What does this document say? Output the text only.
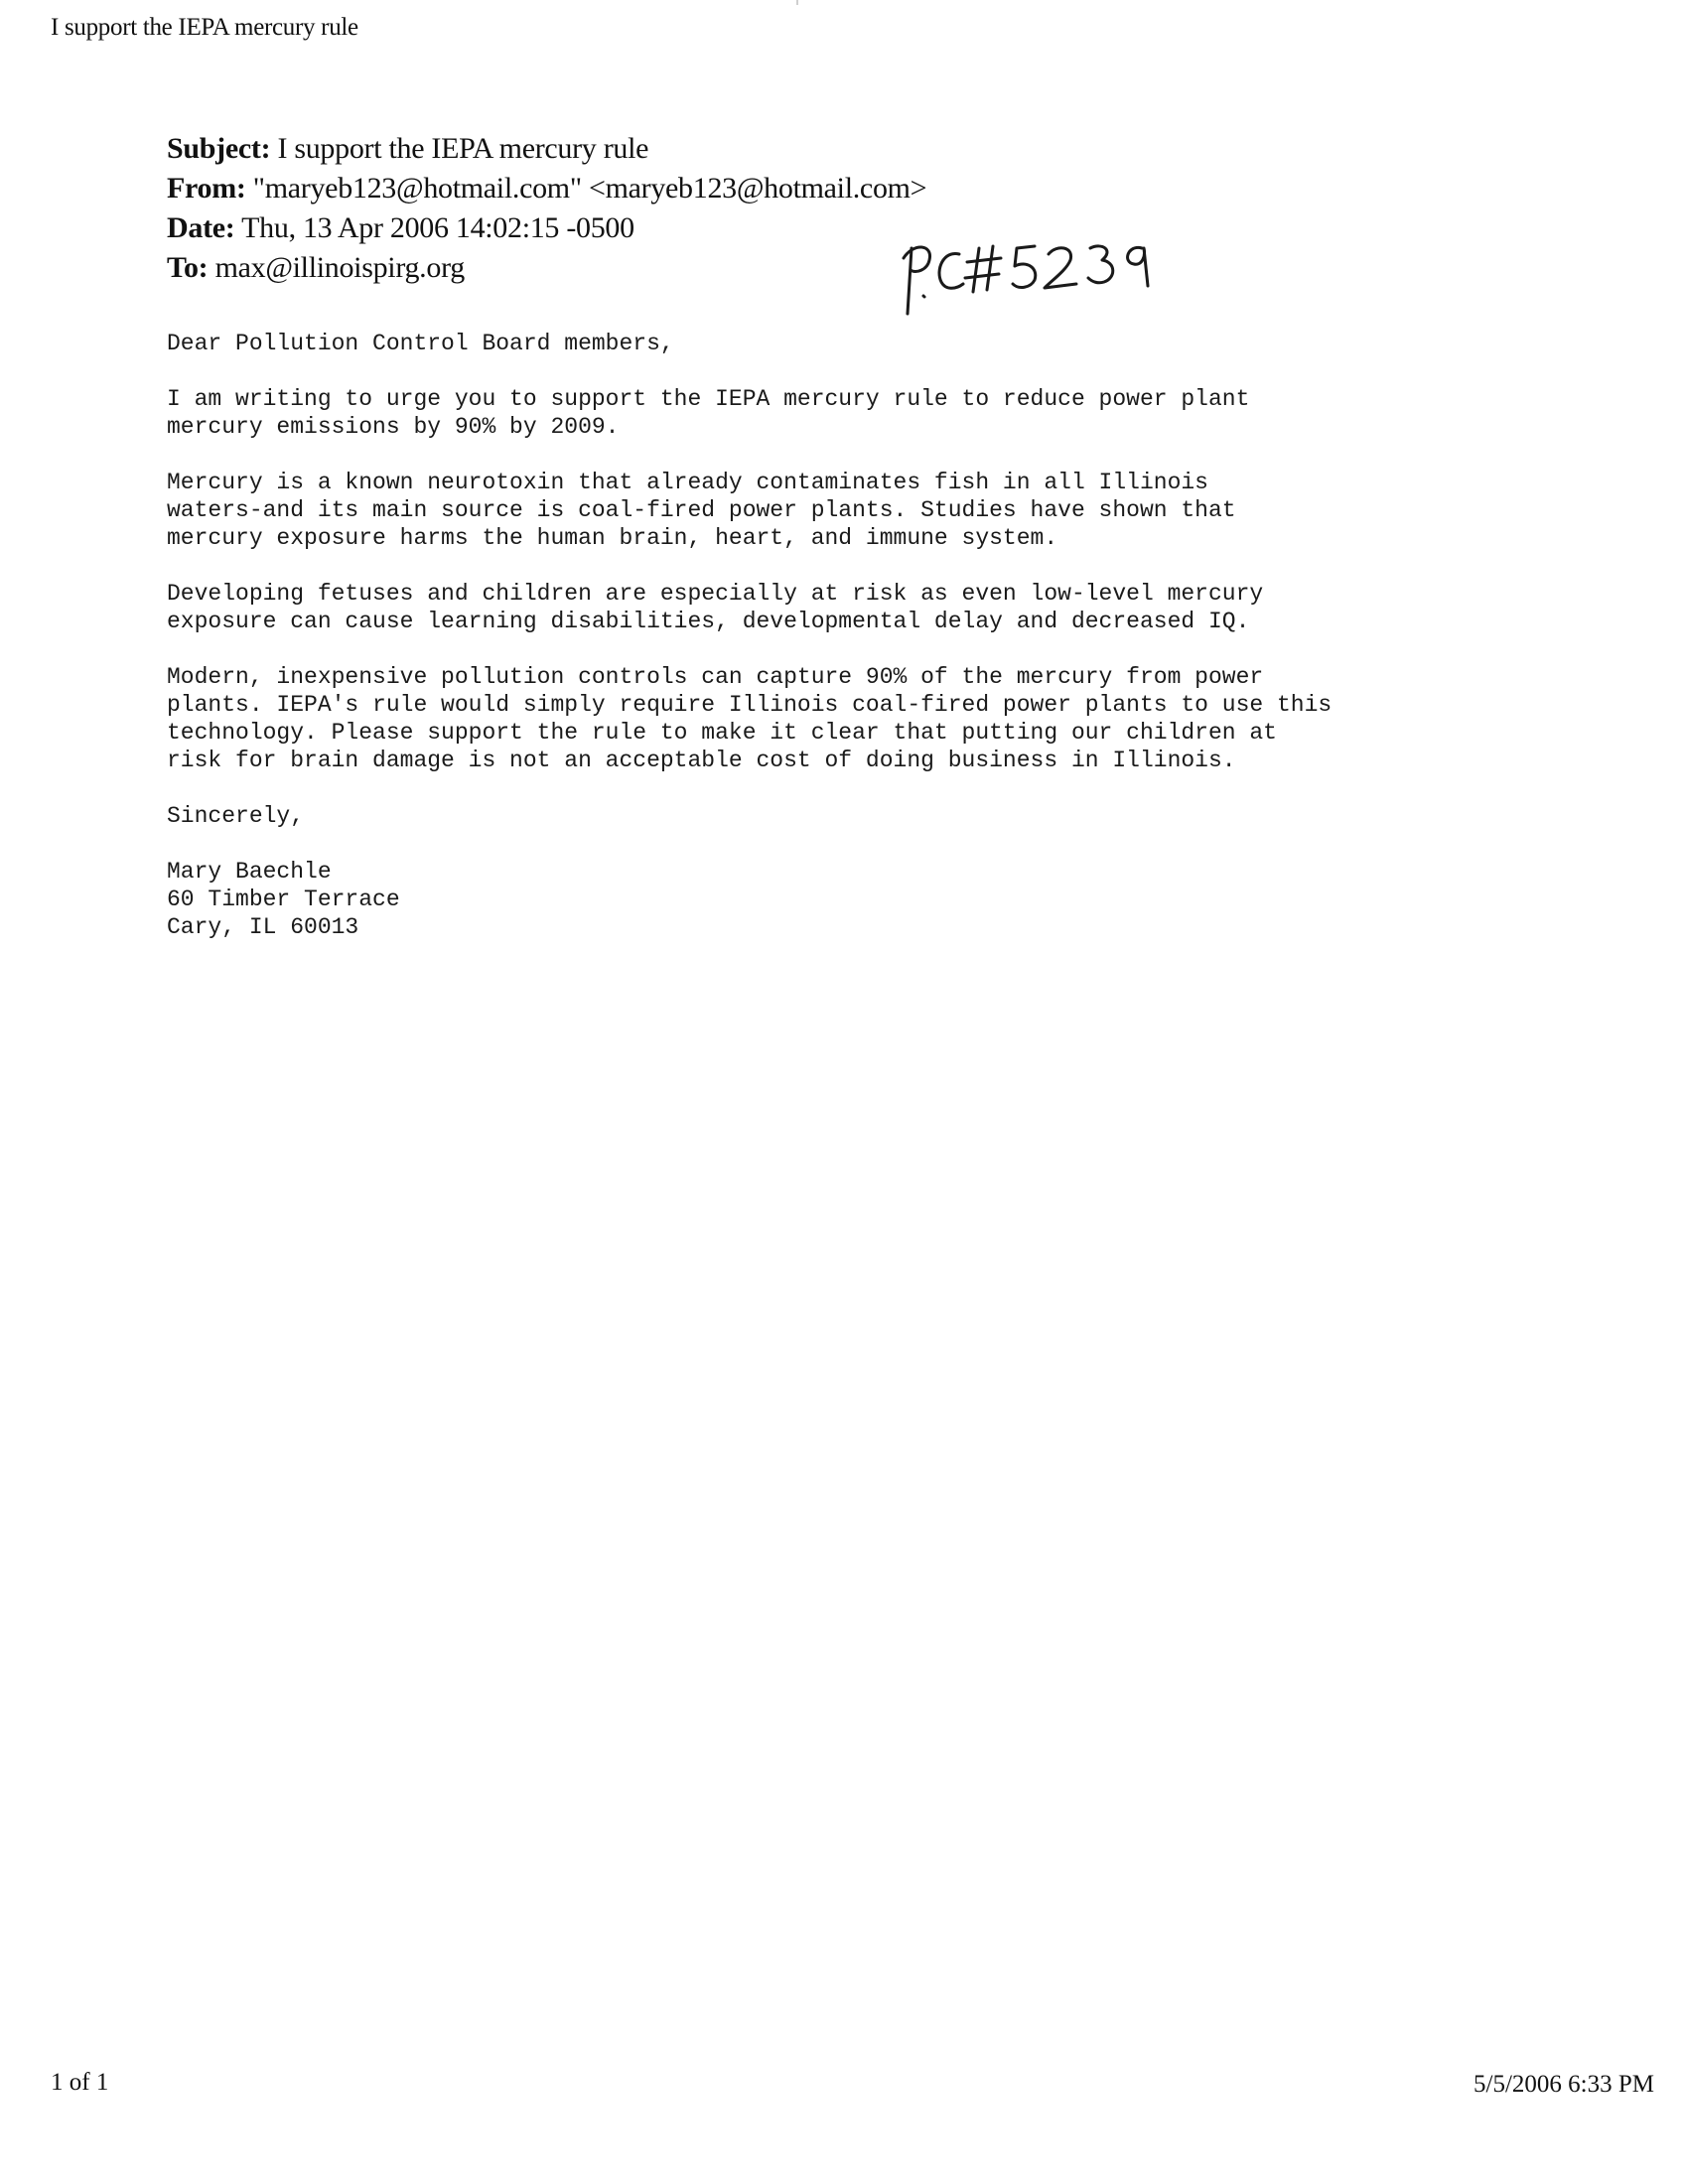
I support the IEPA mercury rule
Subject: I support the IEPA mercury rule
From: "maryeb123@hotmail.com" <maryeb123@hotmail.com>
Date: Thu, 13 Apr 2006 14:02:15 -0500
To: max@illinoispirg.org

Dear Pollution Control Board members,

I am writing to urge you to support the IEPA mercury rule to reduce power plant
mercury emissions by 90% by 2009.

Mercury is a known neurotoxin that already contaminates fish in all Illinois
waters-and its main source is coal-fired power plants. Studies have shown that
mercury exposure harms the human brain, heart, and immune system.

Developing fetuses and children are especially at risk as even low-level mercury
exposure can cause learning disabilities, developmental delay and decreased IQ.

Modern, inexpensive pollution controls can capture 90% of the mercury from power
plants. IEPA's rule would simply require Illinois coal-fired power plants to use this
technology. Please support the rule to make it clear that putting our children at
risk for brain damage is not an acceptable cost of doing business in Illinois.

Sincerely,

Mary Baechle

60 Timber Terrace

Cary, IL 60013

1 of 1	5/5/2006 6:33 PM
